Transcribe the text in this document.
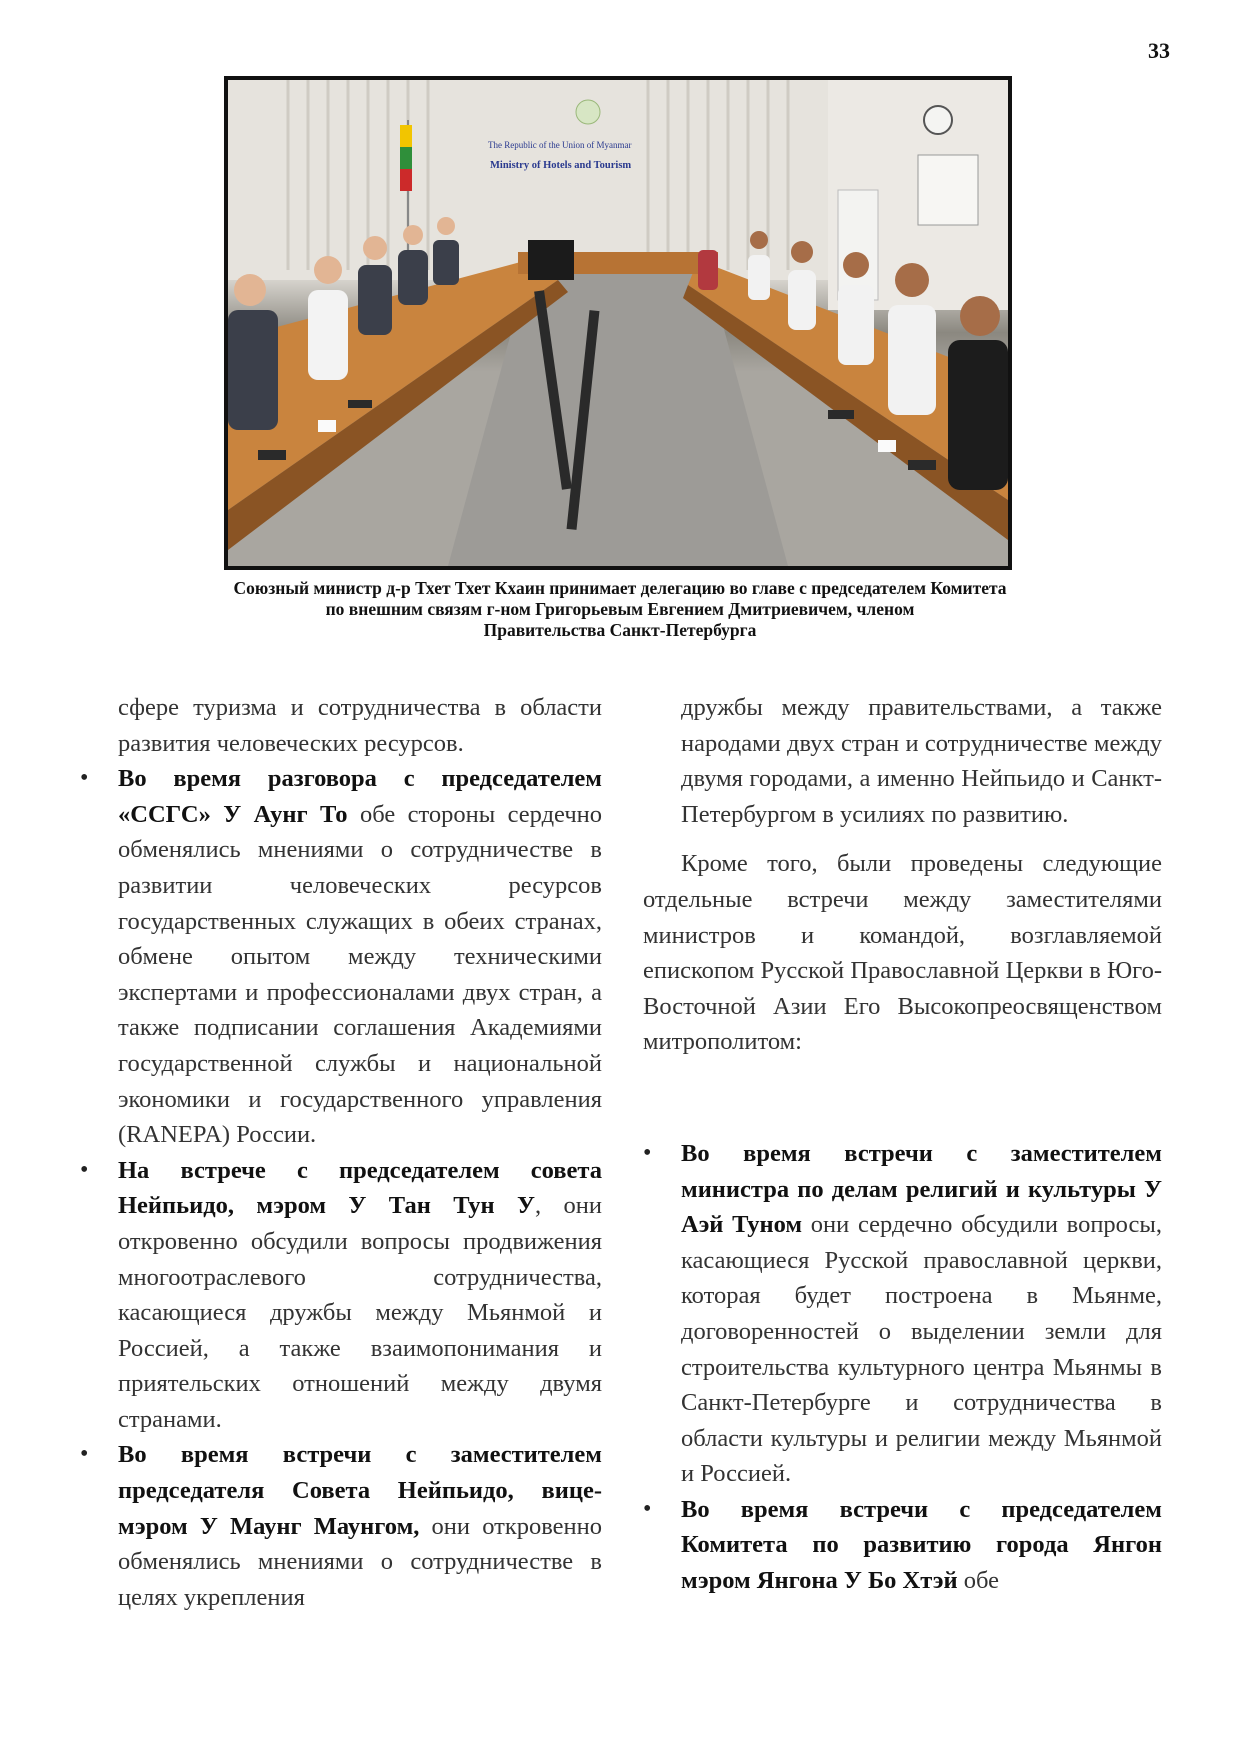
33
The Republic of the Union of Myanmar
Ministry of Hotels and Tourism
Союзный министр д-р Тхет Тхет Кхаин принимает делегацию во главе с председателем Комитета
по внешним связям г-ном Григорьевым Евгением Дмитриевичем, членом
Правительства Санкт-Петербурга

сфере туризма и сотрудничества в области развития человеческих ресурсов.

• Во время разговора с председателем «ССГС» У Аунг То обе стороны сердечно обменялись мнениями о сотрудничестве в развитии человеческих ресурсов государственных служащих в обеих странах, обмене опытом между техническими экспертами и профессионалами двух стран, а также подписании соглашения Академиями государственной службы и национальной экономики и государственного управления (RANEPA) России.
• На встрече с председателем совета Нейпьидо, мэром У Тан Тун У, они откровенно обсудили вопросы продвижения многоотраслевого сотрудничества, касающиеся дружбы между Мьянмой и Россией, а также взаимопонимания и приятельских отношений между двумя странами.
• Во время встречи с заместителем председателя Совета Нейпьидо, вице-мэром У Маунг Маунгом, они откровенно обменялись мнениями о сотрудничестве в целях укрепления

дружбы между правительствами, а также народами двух стран и сотрудничестве между двумя городами, а именно Нейпьидо и Санкт-Петербургом в усилиях по развитию.

Кроме того, были проведены следующие отдельные встречи между заместителями министров и командой, возглавляемой епископом Русской Православной Церкви в Юго-Восточной Азии Его Высокопреосвященством митрополитом:

• Во время встречи с заместителем министра по делам религий и культуры У Аэй Туном они сердечно обсудили вопросы, касающиеся Русской православной церкви, которая будет построена в Мьянме, договоренностей о выделении земли для строительства культурного центра Мьянмы в Санкт-Петербурге и сотрудничества в области культуры и религии между Мьянмой и Россией.
• Во время встречи с председателем Комитета по развитию города Янгон мэром Янгона У Бо Хтэй обе
